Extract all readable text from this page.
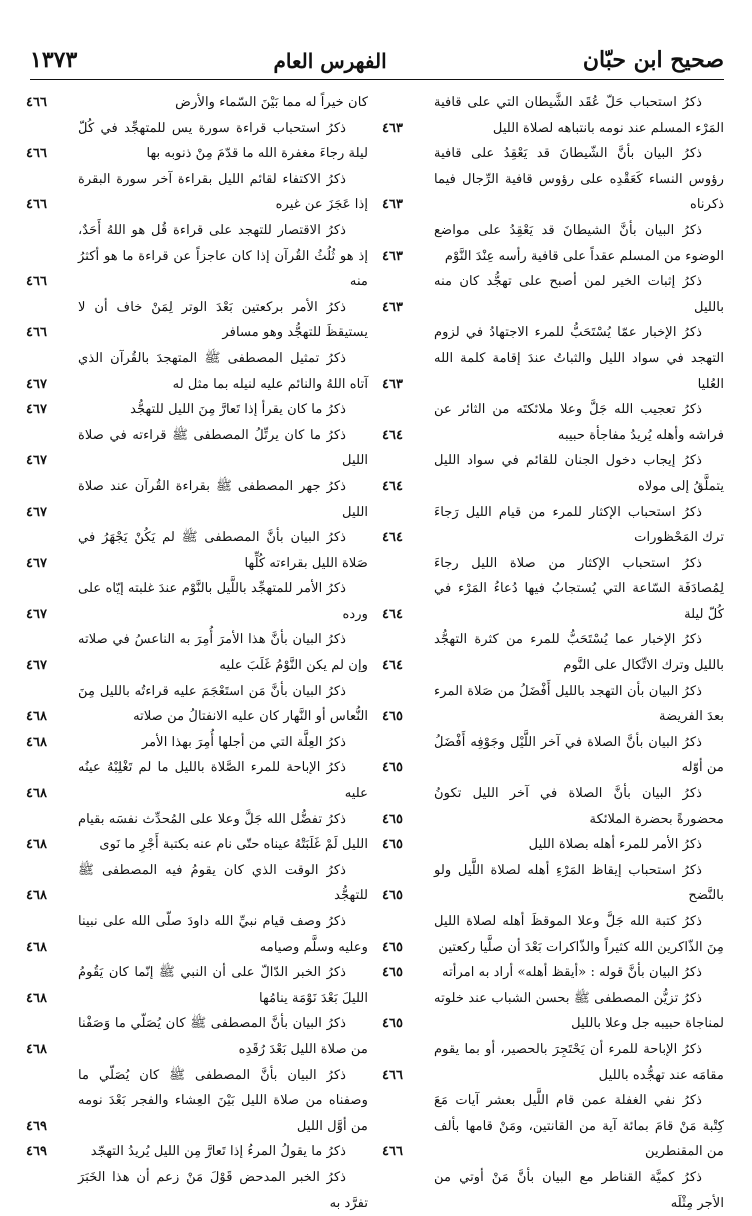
صحيح ابن حبّان
الفهرس العام
١٣٧٣
ذكرُ استحباب حَلّ عُقَد الشَّيطان التي على قافية المَرْء المسلم عند نومه بانتباهه لصلاة الليل
٤٦٣
ذكرُ البيان بأنَّ الشّيطانَ قد يَعْقِدُ على قافية رؤوس النساء كَعَقْدِه على رؤوس قافية الرِّجال فيما ذكرناه
٤٦٣
ذكرُ البيان بأنَّ الشيطانَ قد يَعْقِدُ على مواضع الوضوء من المسلم عقداً على قافية رأسه عِنْدَ النَّوْم
٤٦٣
ذكرُ إثبات الخير لمن أصبح على تهجُّد كان منه بالليل
٤٦٣
ذكرُ الإخبار عمّا يُسْتَحَبُّ للمرء الاجتهادُ في لزوم التهجد في سواد الليل والثباتُ عندَ إقامة كلمة الله العُليا
٤٦٣
ذكرُ تعجيب الله جَلَّ وعلا ملائكتَه من الثائر عن فراشه وأهله يُريدُ مفاجأة حبيبه
٤٦٤
ذكرُ إيجاب دخول الجنان للقائم في سواد الليل يتملَّقُ إلى مولاه
٤٦٤
ذكرُ استحباب الإكثار للمرء من قيام الليل رَجاءَ ترك المَحْظورات
٤٦٤
ذكرُ استحباب الإكثار من صلاة الليل رجاءَ لِمُصادَفَة السّاعة التي يُستجابُ فيها دُعاءُ المَرْء في كُلّ ليلة
٤٦٤
ذكرُ الإخبار عما يُسْتَحَبُّ للمرء من كثرة التهجُّد بالليل وترك الاتِّكال على النَّوم
٤٦٤
ذكرُ البيان بأن التهجد بالليل أَفْضَلُ من صَلاة المرء بعدَ الفريضة
٤٦٥
ذكرُ البيان بأنَّ الصلاة في آخر اللَّيْل وجَوْفِه أَفْضَلُ من أوّله
٤٦٥
ذكرُ البيان بأنَّ الصلاة في آخر الليل تكونُ محضورةً بحضرة الملائكة
٤٦٥
ذكرُ الأمر للمرء أهله بصلاة الليل
٤٦٥
ذكرُ استحباب إيقاظ المَرْءِ أهله لصلاة اللَّيل ولو بالنَّضح
٤٦٥
ذكرُ كتبة الله جَلَّ وعلا الموقظَ أهله لصلاة الليل مِنَ الذّاكرين الله كثيراً والذّاكرات بَعْدَ أن صلَّيا ركعتين
٤٦٥
ذكرُ البيان بأنَّ قوله : «أيقظ أهله» أراد به امرأته
٤٦٥
ذكرُ تزيُّن المصطفى ﷺ بحسن الشباب عند خلوته لمناجاة حبيبه جل وعلا بالليل
٤٦٥
ذكرُ الإباحة للمرء أن يَحْتَجِرَ بالحصير، أو بما يقوم مقامَه عند تهجُّده بالليل
٤٦٦
ذكرُ نفي الغفلة عمن قام اللَّيل بعشر آيات مَعَ كِتْبة مَنْ قامَ بمائة آية من القانتين، ومَنْ قامها بألف من المقنطرين
٤٦٦
ذكرُ كميَّة القناطر مع البيان بأنَّ مَنْ أوتي من الأجر مِثْلَه
كان خيراً له مما بَيْنَ السّماء والأرض
٤٦٦
ذكرُ استحباب قراءة سورة يس للمتهجِّد في كُلّ ليلة رجاءَ مغفرة الله ما قدّمَ مِنْ ذنوبه بها
٤٦٦
ذكرُ الاكتفاء لقائم الليل بقراءة آخر سورة البقرة إذا عَجَزَ عن غيره
٤٦٦
ذكرُ الاقتصار للتهجد على قراءة قُل هو اللهُ أَحَدٌ، إذ هو ثُلُثُ القُرآن إذا كان عاجزاً عن قراءة ما هو أكثرُ منه
٤٦٦
ذكرُ الأمر بركعتين بَعْدَ الوتر لِمَنْ خاف أن لا يستيقظَ للتهجُّد وهو مسافر
٤٦٦
ذكرُ تمثيل المصطفى ﷺ المتهجدَ بالقُرآن الذي آتاه اللهُ والنائم عليه لنيله بما مثل له
٤٦٧
ذكرُ ما كان يقرأ إذا تَعارَّ مِنَ الليل للتهجُّد
٤٦٧
ذكرُ ما كان يرتِّلُ المصطفى ﷺ قراءته في صلاة الليل
٤٦٧
ذكرُ جهر المصطفى ﷺ بقراءة القُرآن عند صلاة الليل
٤٦٧
ذكرُ البيان بأنَّ المصطفى ﷺ لم يَكُنْ يَجْهَرُ في صَلاة الليل بقراءته كُلِّها
٤٦٧
ذكرُ الأمر للمتهجِّد باللَّيل بالنَّوْم عندَ غلبته إيّاه على ورده
٤٦٧
ذكرُ البيان بأنَّ هذا الأمرَ أُمِرَ به الناعسُ في صلاته وإن لم يكن النَّوْمُ غَلَبَ عليه
٤٦٧
ذكرُ البيان بأنَّ مَن استَعْجَمَ عليه قراءتُه بالليل مِنَ النُّعاس أو النَّهار كان عليه الانفتالُ من صلاته
٤٦٨
ذكرُ العِلَّة التي من أجلها أُمِرَ بهذا الأمر
٤٦٨
ذكرُ الإباحة للمرء الصَّلاة بالليل ما لم تَغْلِبْهُ عينُه عليه
٤٦٨
ذكرُ تفضُّل الله جَلَّ وعلا على المُحدِّث نفسَه بقيام الليل لَمْ غَلَبَتْهُ عيناه حتّى نام عنه بكتبة أَجْرِ ما نَوى
٤٦٨
ذكرُ الوقت الذي كان يقومُ فيه المصطفى ﷺ للتهجُّد
٤٦٨
ذكرُ وصف قيام نبيِّ الله داودَ صلّى الله على نبينا وعليه وسلَّم وصيامه
٤٦٨
ذكرُ الخبر الدّالّ على أن النبي ﷺ إنّما كان يَقُومُ الليلَ بَعْدَ نَوْمَة ينامُها
٤٦٨
ذكرُ البيان بأنَّ المصطفى ﷺ كان يُصَلّي ما وَصَفْنا من صلاة الليل بَعْدَ رُقَدِه
٤٦٨
ذكرُ البيان بأنَّ المصطفى ﷺ كان يُصَلّي ما وصفناه من صلاة الليل بَيْنَ العِشاء والفجر بَعْدَ نومه من أوَّل الليل
٤٦٩
ذكرُ ما يقولُ المرءُ إذا تَعارَّ مِن الليل يُريدُ التهجّد
٤٦٩
ذكرُ الخبر المدحض قَوْلَ مَنْ زعم أن هذا الخَبَرَ تفرَّد به
